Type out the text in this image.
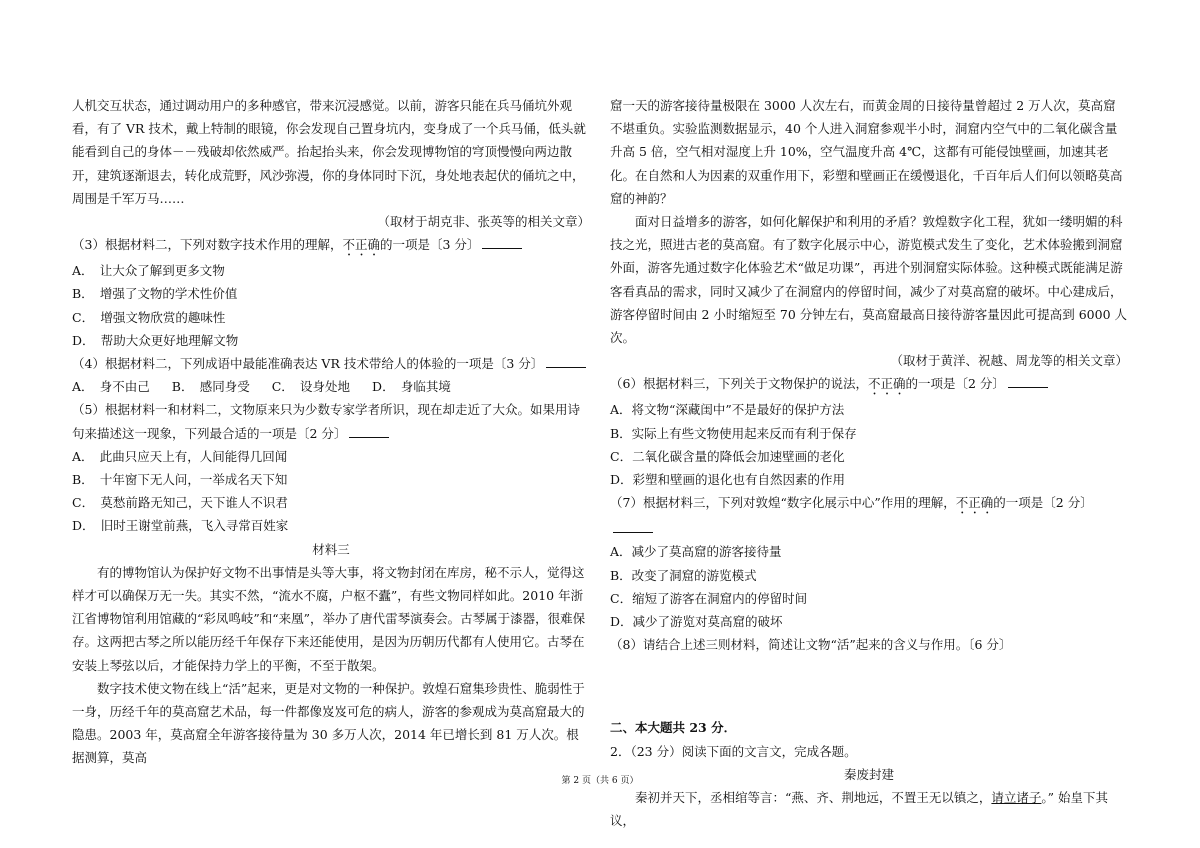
人机交互状态，通过调动用户的多种感官，带来沉浸感觉。以前，游客只能在兵马俑坑外观看，有了 VR 技术，戴上特制的眼镜，你会发现自己置身坑内，变身成了一个兵马俑，低头就能看到自己的身体－－残破却依然威严。抬起抬头来，你会发现博物馆的穹顶慢慢向两边散开，建筑逐渐退去，转化成荒野，风沙弥漫，你的身体同时下沉，身处地表起伏的俑坑之中，周围是千军万马……

（取材于胡克非、张英等的相关文章）

（3）根据材料二，下列对数字技术作用的理解，不正确的一项是〔3 分〕

A．　让大众了解到更多文物

B．　增强了文物的学术性价值

C．　增强文物欣赏的趣味性

D．　帮助大众更好地理解文物

（4）根据材料二，下列成语中最能准确表达 VR 技术带给人的体验的一项是〔3 分〕

A．　身不由己 B．　感同身受 C．　设身处地 D．　身临其境

（5）根据材料一和材料二，文物原来只为少数专家学者所识，现在却走近了大众。如果用诗句来描述这一现象，下列最合适的一项是〔2 分〕

A．　此曲只应天上有，人间能得几回闻

B．　十年窗下无人问，一举成名天下知

C．　莫愁前路无知己，天下谁人不识君

D．　旧时王谢堂前燕，飞入寻常百姓家

材料三

有的博物馆认为保护好文物不出事情是头等大事，将文物封闭在库房，秘不示人，觉得这样才可以确保万无一失。其实不然，“流水不腐，户枢不蠹”，有些文物同样如此。2010 年浙江省博物馆利用馆藏的“彩凤鸣岐”和“来凰”，举办了唐代雷琴演奏会。古琴属于漆器，很难保存。这两把古琴之所以能历经千年保存下来还能使用，是因为历朝历代都有人使用它。古琴在安装上琴弦以后，才能保持力学上的平衡，不至于散架。

数字技术使文物在线上“活”起来，更是对文物的一种保护。敦煌石窟集珍贵性、脆弱性于一身，历经千年的莫高窟艺术品，每一件都像岌岌可危的病人，游客的参观成为莫高窟最大的隐患。2003 年，莫高窟全年游客接待量为 30 多万人次，2014 年已增长到 81 万人次。根据测算，莫高

窟一天的游客接待量极限在 3000 人次左右，而黄金周的日接待量曾超过 2 万人次，莫高窟不堪重负。实验监测数据显示，40 个人进入洞窟参观半小时，洞窟内空气中的二氧化碳含量升高 5 倍，空气相对湿度上升 10%，空气温度升高 4℃，这都有可能侵蚀壁画，加速其老化。在自然和人为因素的双重作用下，彩塑和壁画正在缓慢退化，千百年后人们何以领略莫高窟的神韵？

面对日益增多的游客，如何化解保护和利用的矛盾？敦煌数字化工程，犹如一缕明媚的科技之光，照进古老的莫高窟。有了数字化展示中心，游览模式发生了变化，艺术体验搬到洞窟外面，游客先通过数字化体验艺术“做足功课”，再进个别洞窟实际体验。这种模式既能满足游客看真品的需求，同时又减少了在洞窟内的停留时间，减少了对莫高窟的破坏。中心建成后，游客停留时间由 2 小时缩短至 70 分钟左右，莫高窟最高日接待游客量因此可提高到 6000 人次。

（取材于黄洋、祝越、周龙等的相关文章）

（6）根据材料三，下列关于文物保护的说法，不正确的一项是〔2 分〕

A．将文物“深藏闺中”不是最好的保护方法

B．实际上有些文物使用起来反而有利于保存

C．二氧化碳含量的降低会加速壁画的老化

D．彩塑和壁画的退化也有自然因素的作用

（7）根据材料三，下列对敦煌“数字化展示中心”作用的理解，不正确的一项是〔2 分〕

A．减少了莫高窟的游客接待量

B．改变了洞窟的游览模式

C．缩短了游客在洞窟内的停留时间

D．减少了游览对莫高窟的破坏

（8）请结合上述三则材料，简述让文物“活”起来的含义与作用。〔6 分〕

二、本大题共 23 分．

2．（23 分）阅读下面的文言文，完成各题。

秦废封建

秦初并天下，丞相绾等言：“燕、齐、荆地远，不置王无以镇之，请立诸子。” 始皇下其议，

第 2 页（共 6 页）
